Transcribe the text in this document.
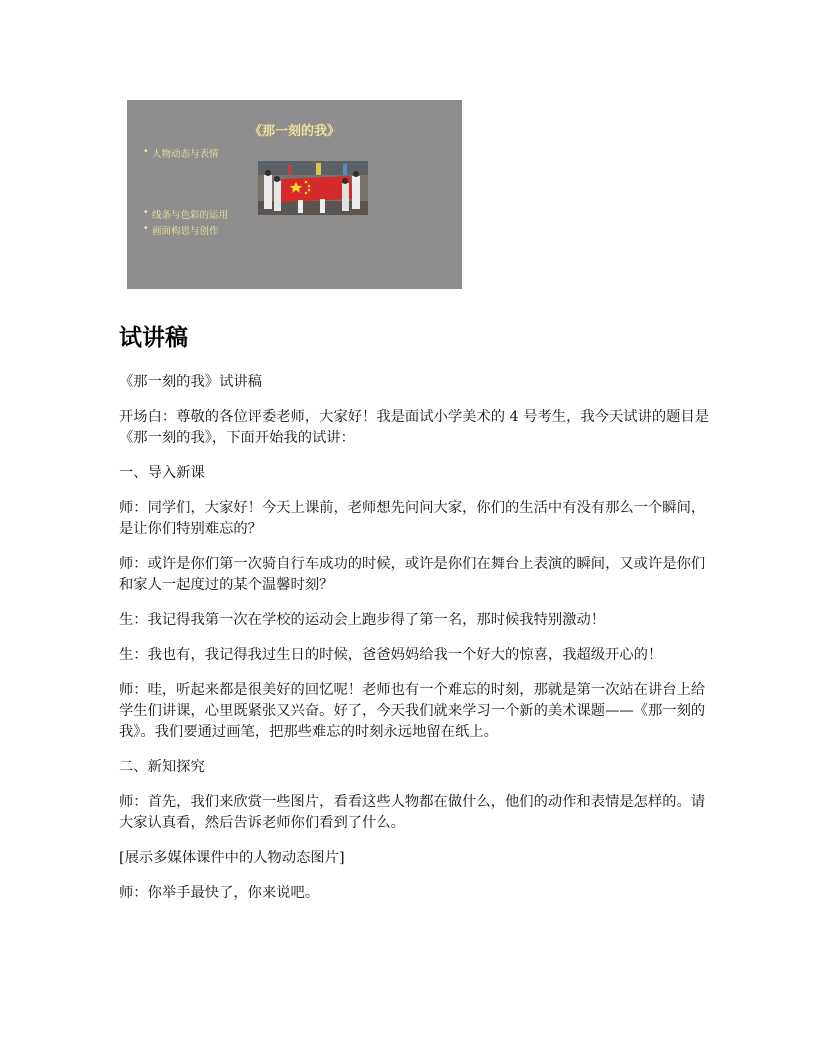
《那一刻的我》
• 人物动态与表情
• 线条与色彩的运用
• 画面构思与创作
试讲稿

《那一刻的我》试讲稿

开场白：尊敬的各位评委老师，大家好！我是面试小学美术的 4 号考生，我今天试讲的题目是《那一刻的我》，下面开始我的试讲：

一、导入新课

师：同学们，大家好！今天上课前，老师想先问问大家，你们的生活中有没有那么一个瞬间，是让你们特别难忘的？

师：或许是你们第一次骑自行车成功的时候，或许是你们在舞台上表演的瞬间，又或许是你们和家人一起度过的某个温馨时刻？

生：我记得我第一次在学校的运动会上跑步得了第一名，那时候我特别激动！

生：我也有，我记得我过生日的时候，爸爸妈妈给我一个好大的惊喜，我超级开心的！

师：哇，听起来都是很美好的回忆呢！老师也有一个难忘的时刻，那就是第一次站在讲台上给学生们讲课，心里既紧张又兴奋。好了，今天我们就来学习一个新的美术课题——《那一刻的我》。我们要通过画笔，把那些难忘的时刻永远地留在纸上。

二、新知探究

师：首先，我们来欣赏一些图片，看看这些人物都在做什么，他们的动作和表情是怎样的。请大家认真看，然后告诉老师你们看到了什么。

[展示多媒体课件中的人物动态图片]

师：你举手最快了，你来说吧。
